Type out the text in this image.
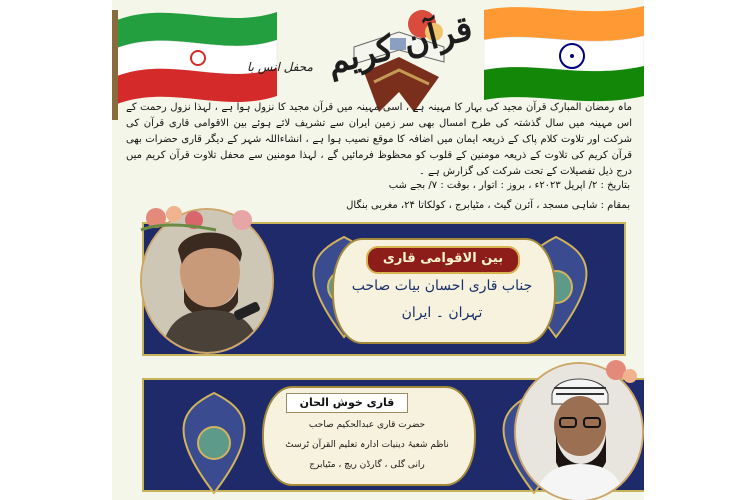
قرآن کریم
محفل انس با
ماہ رمضان المبارک قرآن مجید کی بہار کا مہینہ ہے ، اسی مہینہ میں قرآن مجید کا نزول ہوا ہے ، لہذا نزول رحمت کے اس مہینہ میں سال گذشتہ کی طرح امسال بھی سر زمین ایران سے تشریف لائے ہوئے بین الاقوامی قاری قرآن کی شرکت اور تلاوت کلام پاک کے ذریعہ ایمان میں اضافہ کا موقع نصیب ہوا ہے ، انشاءاللہ شہر کے دیگر قاری حضرات بھی قرآن کریم کی تلاوت کے ذریعہ مومنین کے قلوب کو محظوظ فرمائیں گے ، لہذا مومنین سے محفل تلاوت قرآن کریم میں درج ذیل تفصیلات کے تحت شرکت کی گزارش ہے ۔
بتاریخ : ۲/ اپریل ۲۰۲۳ء ، بروز : اتوار ، بوقت : ۷/ بجے شب
بمقام : شاہی مسجد ، آئرن گیٹ ، مٹیابرج ، کولکاتا ۲۴، مغربی بنگال
بین الاقوامی قاری
جناب قاری احسان بیات صاحب
تہران ۔ ایران
قاری خوش الحان
حضرت قاری عبدالحکیم صاحب
ناظم شعبۂ دینیات ادارہ تعلیم القرآن ٹرسٹ
رانی گلی ، گارڈن ریچ ، مٹیابرج
